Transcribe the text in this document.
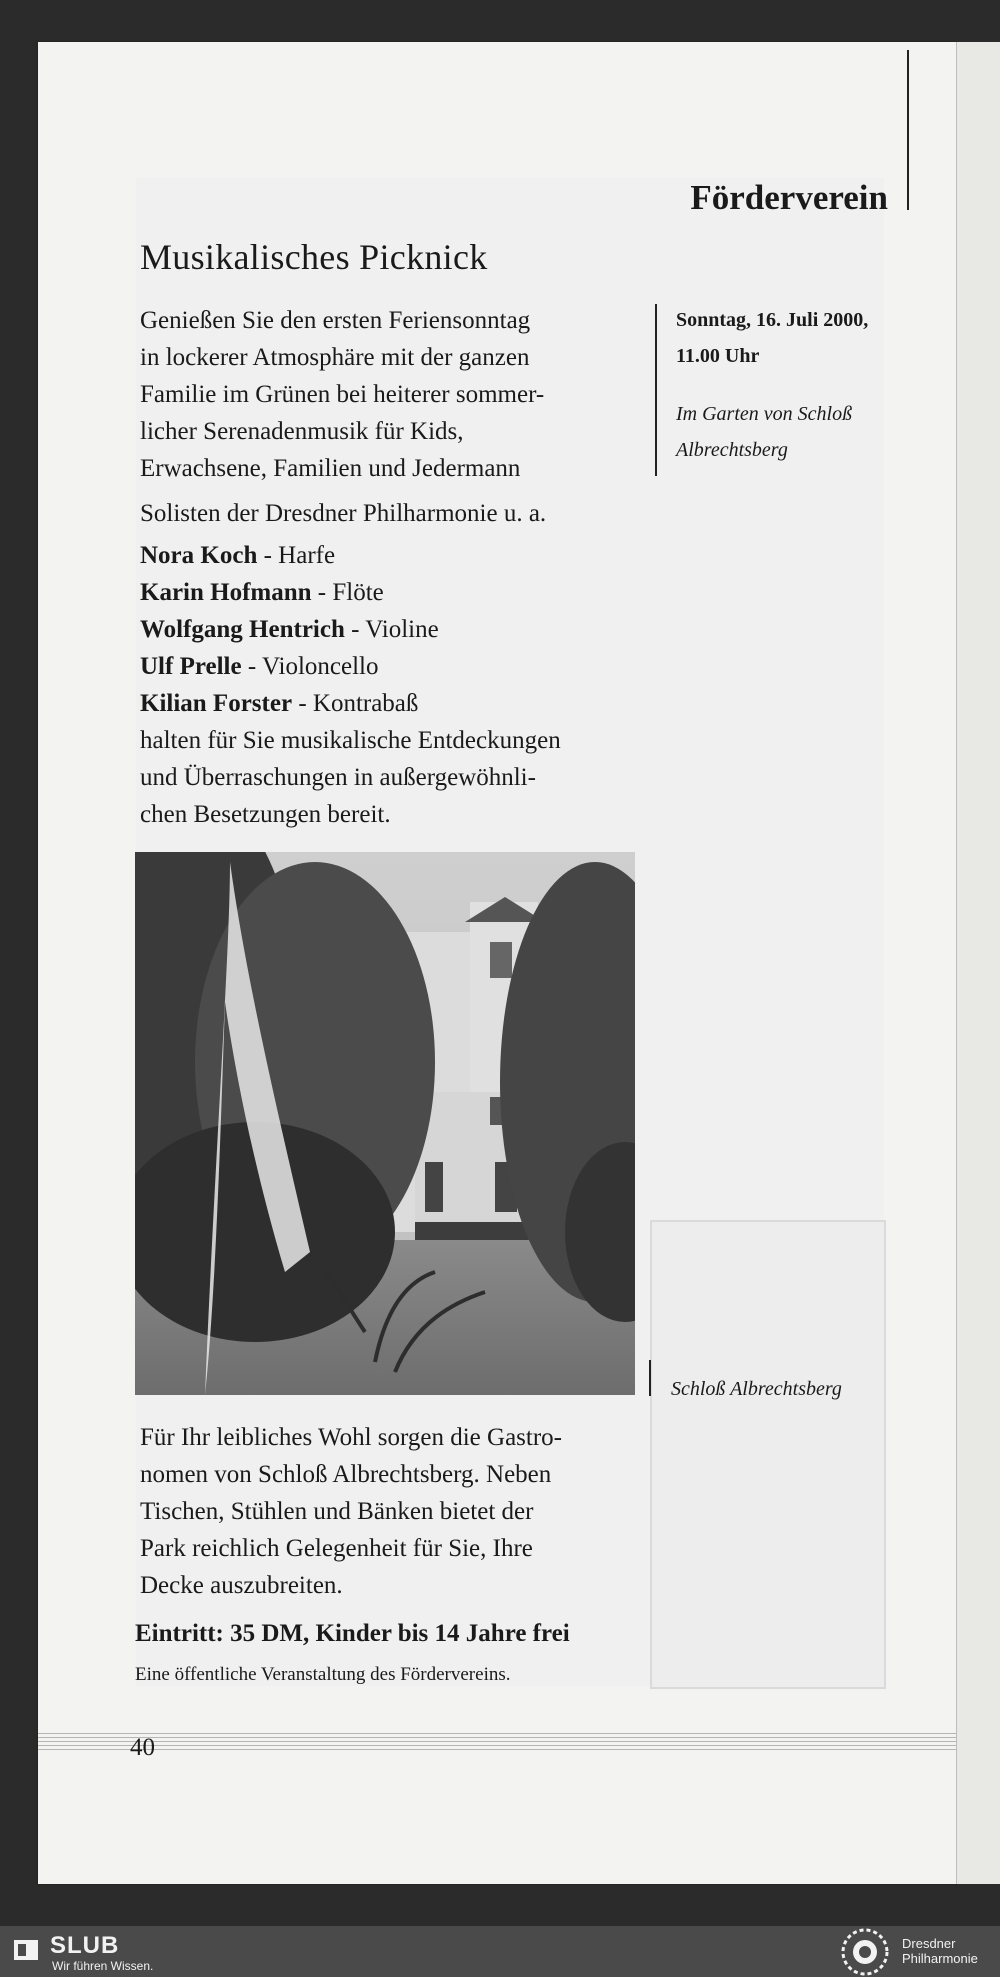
Förderverein
Musikalisches Picknick

Genießen Sie den ersten Feriensonntag

in lockerer Atmosphäre mit der ganzen

Familie im Grünen bei heiterer sommer-

licher Serenadenmusik für Kids,

Erwachsene, Familien und Jedermann

Solisten der Dresdner Philharmonie u. a.

Nora Koch - Harfe

Karin Hofmann - Flöte

Wolfgang Hentrich - Violine

Ulf Prelle - Violoncello

Kilian Forster - Kontrabaß

halten für Sie musikalische Entdeckungen

und Überraschungen in außergewöhnli-

chen Besetzungen bereit.

Sonntag, 16. Juli 2000,
11.00 Uhr
Im Garten von Schloß
Albrechtsberg
Schloß Albrechtsberg

Für Ihr leibliches Wohl sorgen die Gastro-

nomen von Schloß Albrechtsberg. Neben

Tischen, Stühlen und Bänken bietet der

Park reichlich Gelegenheit für Sie, Ihre

Decke auszubreiten.

Eintritt: 35 DM, Kinder bis 14 Jahre frei
Eine öffentliche Veranstaltung des Fördervereins.
40
SLUB
Wir führen Wissen.
Dresdner
Philharmonie
